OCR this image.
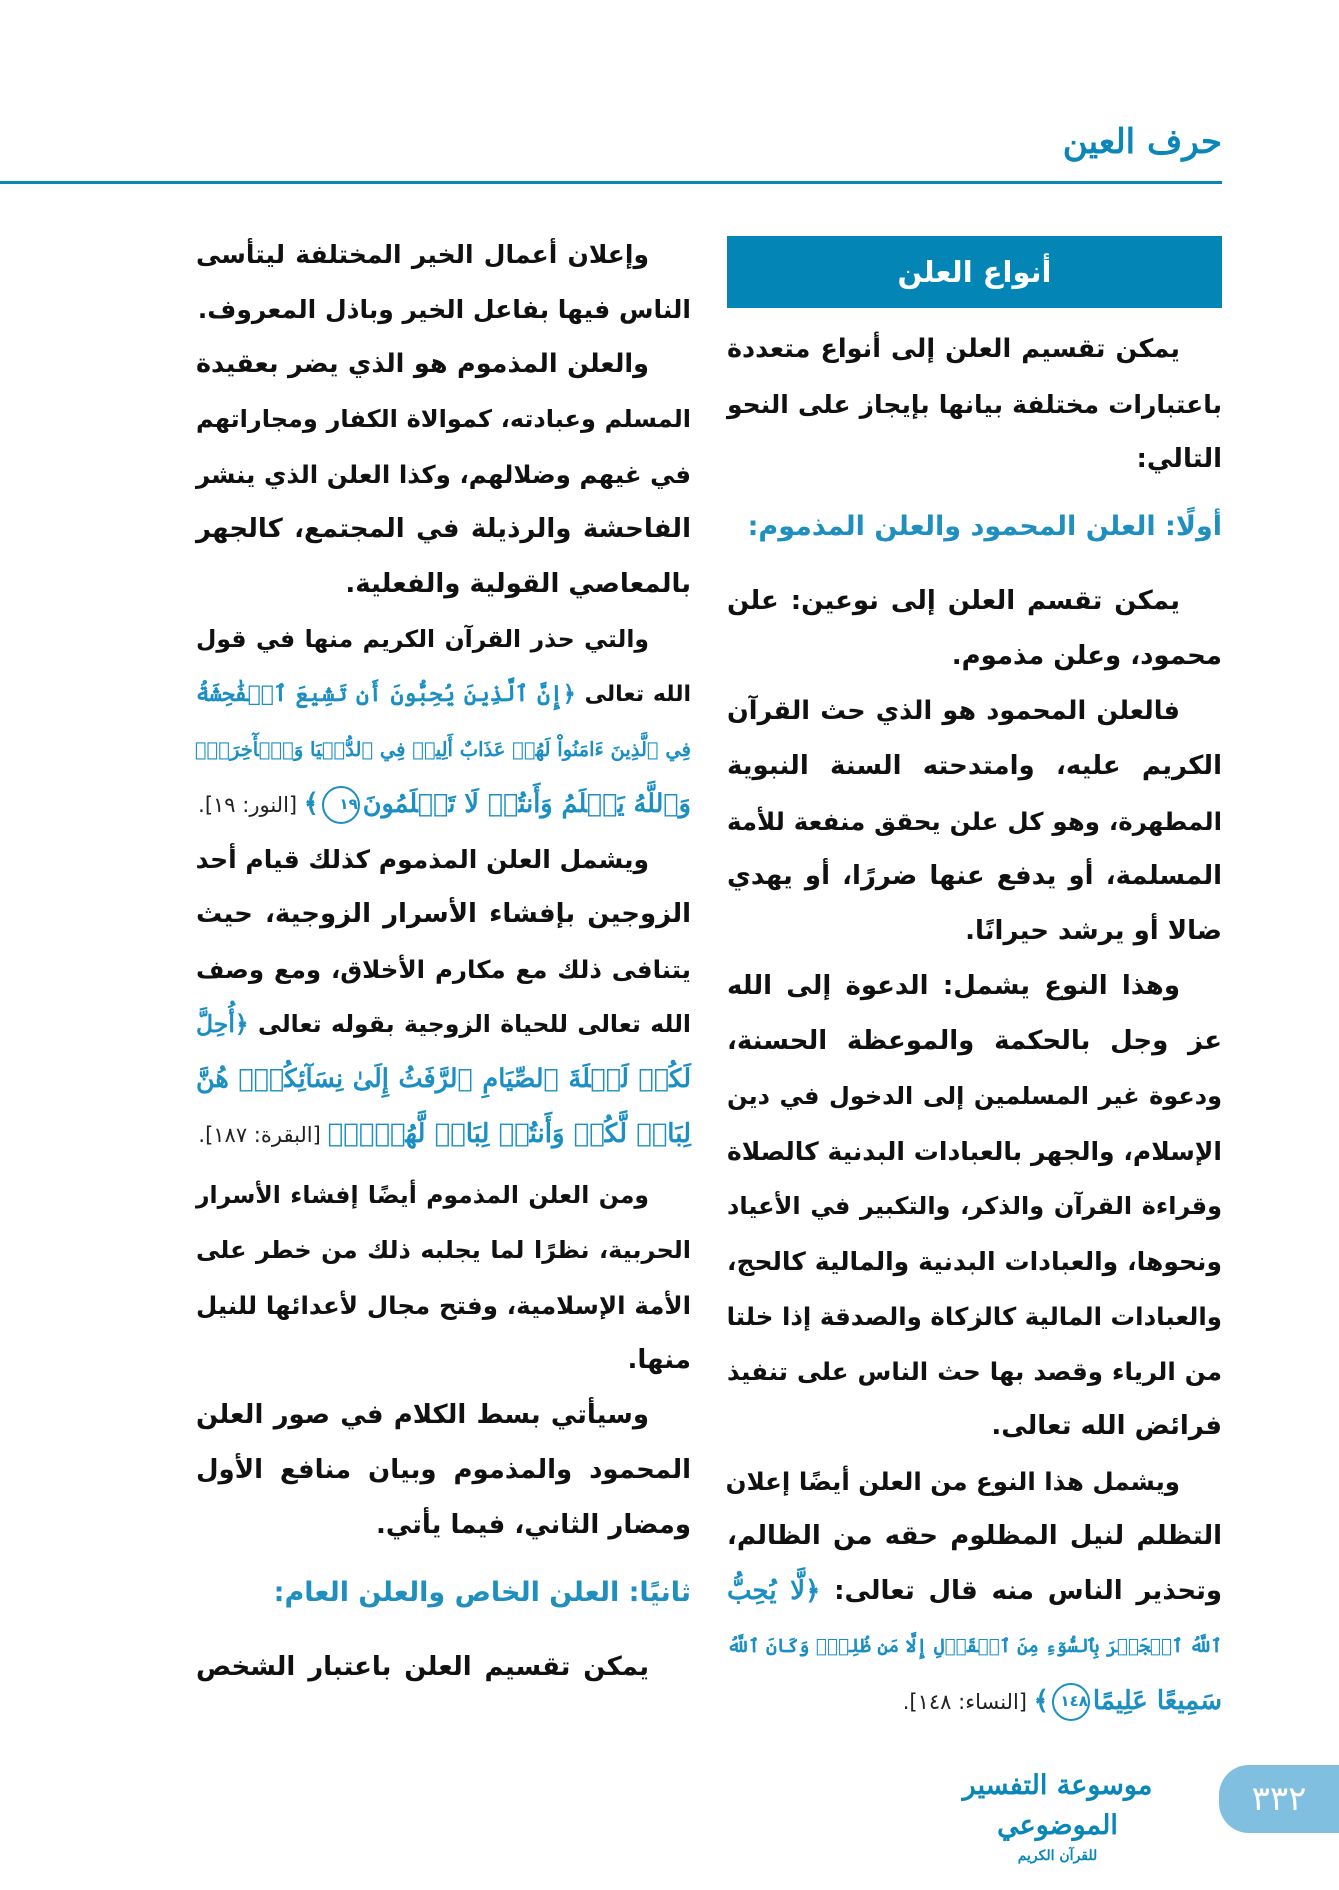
حرف العين
أنواع العلن
يمكن تقسيم العلن إلى أنواع متعددة
باعتبارات مختلفة بيانها بإيجاز على النحو
التالي:
أولًا: العلن المحمود والعلن المذموم:
يمكن تقسم العلن إلى نوعين: علن
محمود، وعلن مذموم.
فالعلن المحمود هو الذي حث القرآن
الكريم عليه، وامتدحته السنة النبوية
المطهرة، وهو كل علن يحقق منفعة للأمة
المسلمة، أو يدفع عنها ضررًا، أو يهدي
ضالا أو يرشد حيرانًا.
وهذا النوع يشمل: الدعوة إلى الله
عز وجل بالحكمة والموعظة الحسنة،
ودعوة غير المسلمين إلى الدخول في دين
الإسلام، والجهر بالعبادات البدنية كالصلاة
وقراءة القرآن والذكر، والتكبير في الأعياد
ونحوها، والعبادات البدنية والمالية كالحج،
والعبادات المالية كالزكاة والصدقة إذا خلتا
من الرياء وقصد بها حث الناس على تنفيذ
فرائض الله تعالى.
ويشمل هذا النوع من العلن أيضًا إعلان
التظلم لنيل المظلوم حقه من الظالم،
وتحذير الناس منه قال تعالى: ﴿لَّا يُحِبُّ
ٱللَّهُ ٱلۡجَهۡرَ بِٱلسُّوٓءِ مِنَ ٱلۡقَوۡلِ إِلَّا مَن ظُلِمَۚ وَكَانَ ٱللَّهُ
سَمِيعًا عَلِيمًا١٤٨﴾ [النساء: ١٤٨].
وإعلان أعمال الخير المختلفة ليتأسى
الناس فيها بفاعل الخير وباذل المعروف.
والعلن المذموم هو الذي يضر بعقيدة
المسلم وعبادته، كموالاة الكفار ومجاراتهم
في غيهم وضلالهم، وكذا العلن الذي ينشر
الفاحشة والرذيلة في المجتمع، كالجهر
بالمعاصي القولية والفعلية.
والتي حذر القرآن الكريم منها في قول
الله تعالى ﴿إِنَّ ٱلَّذِينَ يُحِبُّونَ أَن تَشِيعَ ٱلۡفَٰحِشَةُ
فِي ٱلَّذِينَ ءَامَنُواْ لَهُمۡ عَذَابٌ أَلِيمٞ فِي ٱلدُّنۡيَا وَٱلۡأٓخِرَةِۚ
وَٱللَّهُ يَعۡلَمُ وَأَنتُمۡ لَا تَعۡلَمُونَ١٩﴾ [النور: ١٩].
ويشمل العلن المذموم كذلك قيام أحد
الزوجين بإفشاء الأسرار الزوجية، حيث
يتنافى ذلك مع مكارم الأخلاق، ومع وصف
الله تعالى للحياة الزوجية بقوله تعالى ﴿أُحِلَّ
لَكُمۡ لَيۡلَةَ ٱلصِّيَامِ ٱلرَّفَثُ إِلَىٰ نِسَآئِكُمۡۚ هُنَّ
لِبَاسٞ لَّكُمۡ وَأَنتُمۡ لِبَاسٞ لَّهُنَّۗ﴾ [البقرة: ١٨٧].
ومن العلن المذموم أيضًا إفشاء الأسرار
الحربية، نظرًا لما يجلبه ذلك من خطر على
الأمة الإسلامية، وفتح مجال لأعدائها للنيل
منها.
وسيأتي بسط الكلام في صور العلن
المحمود والمذموم وبيان منافع الأول
ومضار الثاني، فيما يأتي.
ثانيًا: العلن الخاص والعلن العام:
يمكن تقسيم العلن باعتبار الشخص
موسوعة التفسير الموضوعي
للقرآن الكريم
٣٣٢
